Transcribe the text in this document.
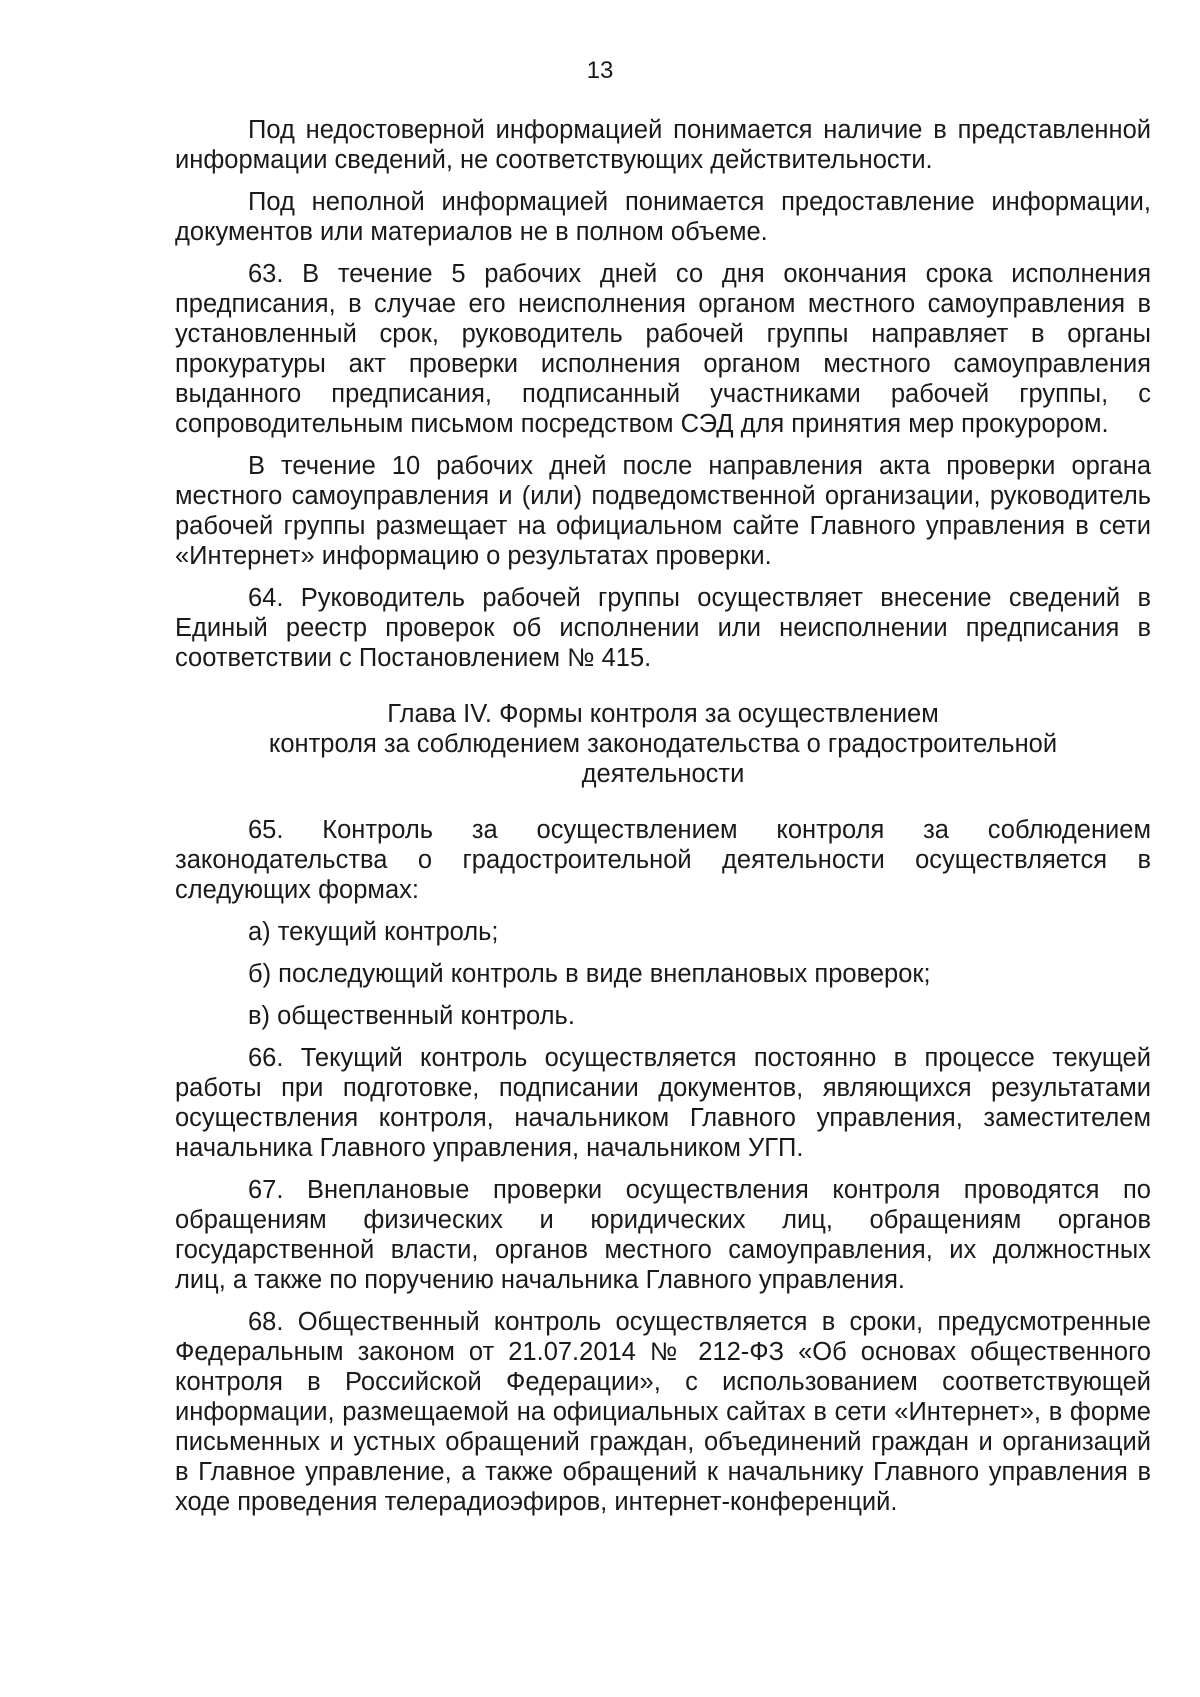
13

Под недостоверной информацией понимается наличие в представленной информации сведений, не соответствующих действительности.

Под неполной информацией понимается предоставление информации, документов или материалов не в полном объеме.

63. В течение 5 рабочих дней со дня окончания срока исполнения предписания, в случае его неисполнения органом местного самоуправления в установленный срок, руководитель рабочей группы направляет в органы прокуратуры акт проверки исполнения органом местного самоуправления выданного предписания, подписанный участниками рабочей группы, с сопроводительным письмом посредством СЭД для принятия мер прокурором.

В течение 10 рабочих дней после направления акта проверки органа местного самоуправления и (или) подведомственной организации, руководитель рабочей группы размещает на официальном сайте Главного управления в сети «Интернет» информацию о результатах проверки.

64. Руководитель рабочей группы осуществляет внесение сведений в Единый реестр проверок об исполнении или неисполнении предписания в соответствии с Постановлением № 415.

Глава IV. Формы контроля за осуществлением
контроля за соблюдением законодательства о градостроительной
деятельности

65. Контроль за осуществлением контроля за соблюдением законодательства о градостроительной деятельности осуществляется в следующих формах:

а) текущий контроль;

б) последующий контроль в виде внеплановых проверок;

в) общественный контроль.

66. Текущий контроль осуществляется постоянно в процессе текущей работы при подготовке, подписании документов, являющихся результатами осуществления контроля, начальником Главного управления, заместителем начальника Главного управления, начальником УГП.

67. Внеплановые проверки осуществления контроля проводятся по обращениям физических и юридических лиц, обращениям органов государственной власти, органов местного самоуправления, их должностных лиц, а также по поручению начальника Главного управления.

68. Общественный контроль осуществляется в сроки, предусмотренные Федеральным законом от 21.07.2014 № 212-ФЗ «Об основах общественного контроля в Российской Федерации», с использованием соответствующей информации, размещаемой на официальных сайтах в сети «Интернет», в форме письменных и устных обращений граждан, объединений граждан и организаций в Главное управление, а также обращений к начальнику Главного управления в ходе проведения телерадиоэфиров, интернет-конференций.
